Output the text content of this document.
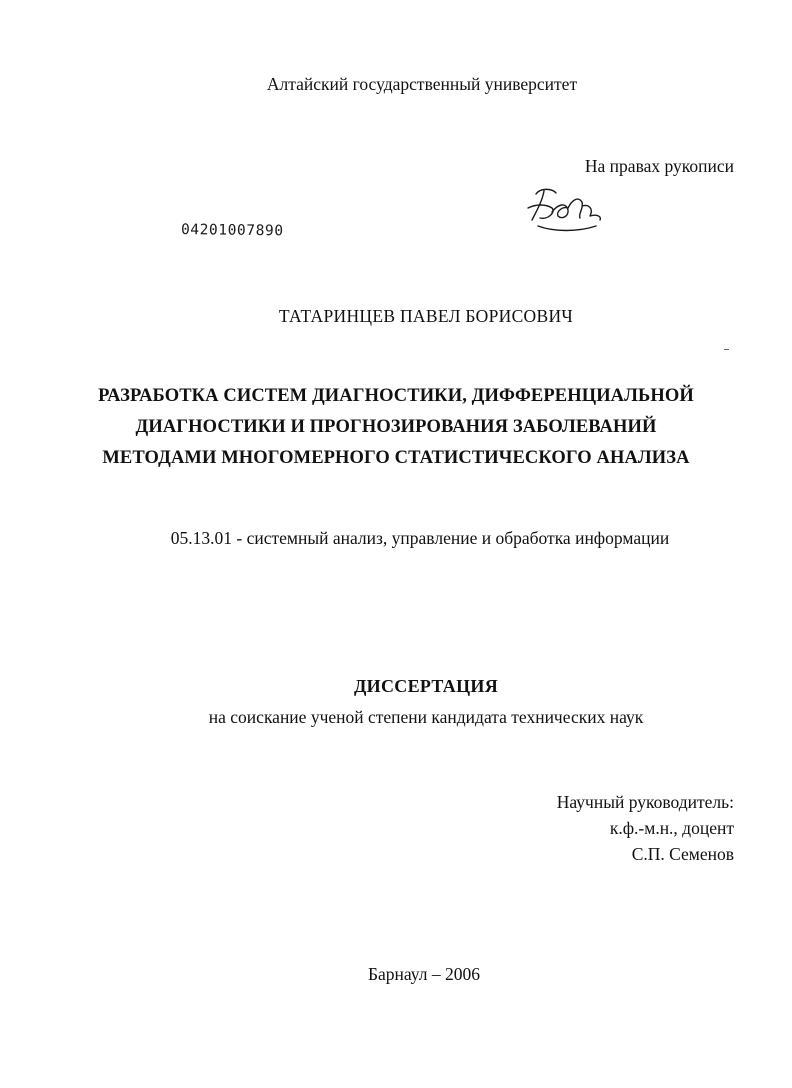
Алтайский государственный университет
На правах рукописи
04201007890
ТАТАРИНЦЕВ ПАВЕЛ БОРИСОВИЧ
РАЗРАБОТКА СИСТЕМ ДИАГНОСТИКИ, ДИФФЕРЕНЦИАЛЬНОЙ
ДИАГНОСТИКИ И ПРОГНОЗИРОВАНИЯ ЗАБОЛЕВАНИЙ
МЕТОДАМИ МНОГОМЕРНОГО СТАТИСТИЧЕСКОГО АНАЛИЗА
05.13.01 - системный анализ, управление и обработка информации
ДИССЕРТАЦИЯ
на соискание ученой степени кандидата технических наук
Научный руководитель:
к.ф.-м.н., доцент
С.П. Семенов
Барнаул – 2006
